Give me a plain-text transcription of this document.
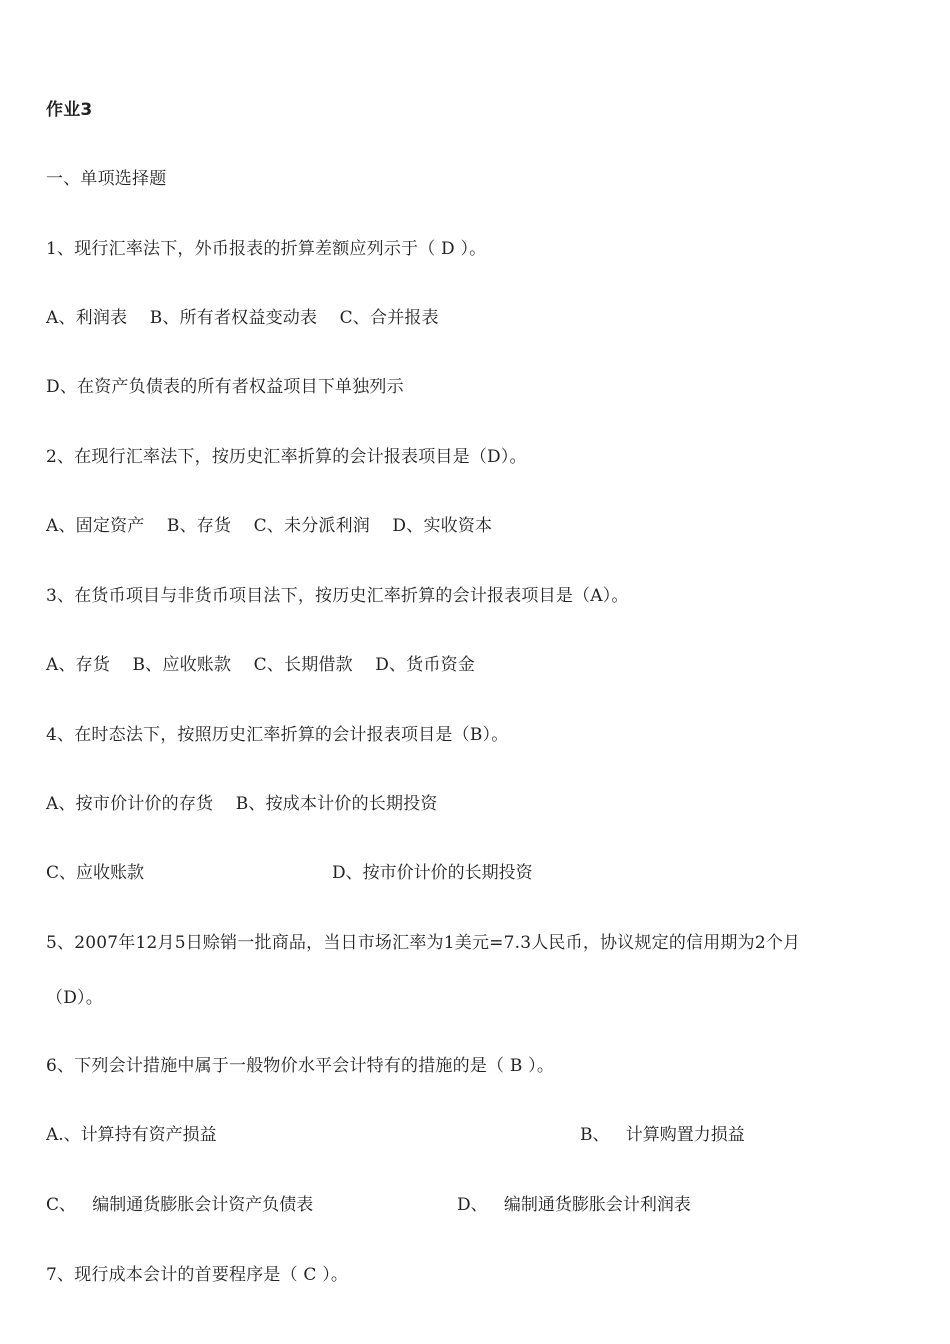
作业3
一、单项选择题
1、现行汇率法下，外币报表的折算差额应列示于（ D ）。
A、利润表    B、所有者权益变动表    C、合并报表
D、在资产负债表的所有者权益项目下单独列示
2、在现行汇率法下，按历史汇率折算的会计报表项目是（D）。
A、固定资产    B、存货    C、未分派利润    D、实收资本
3、在货币项目与非货币项目法下，按历史汇率折算的会计报表项目是（A）。
A、存货    B、应收账款    C、长期借款    D、货币资金
4、在时态法下，按照历史汇率折算的会计报表项目是（B）。
A、按市价计价的存货    B、按成本计价的长期投资
C、应收账款	D、按市价计价的长期投资
5、2007年12月5日赊销一批商品，当日市场汇率为1美元=7.3人民币，协议规定的信用期为2个月
（D）。
6、下列会计措施中属于一般物价水平会计特有的措施的是（ B ）。
A.、计算持有资产损益	B、   计算购置力损益
C、   编制通货膨胀会计资产负债表	D、   编制通货膨胀会计利润表
7、现行成本会计的首要程序是（ C ）。
